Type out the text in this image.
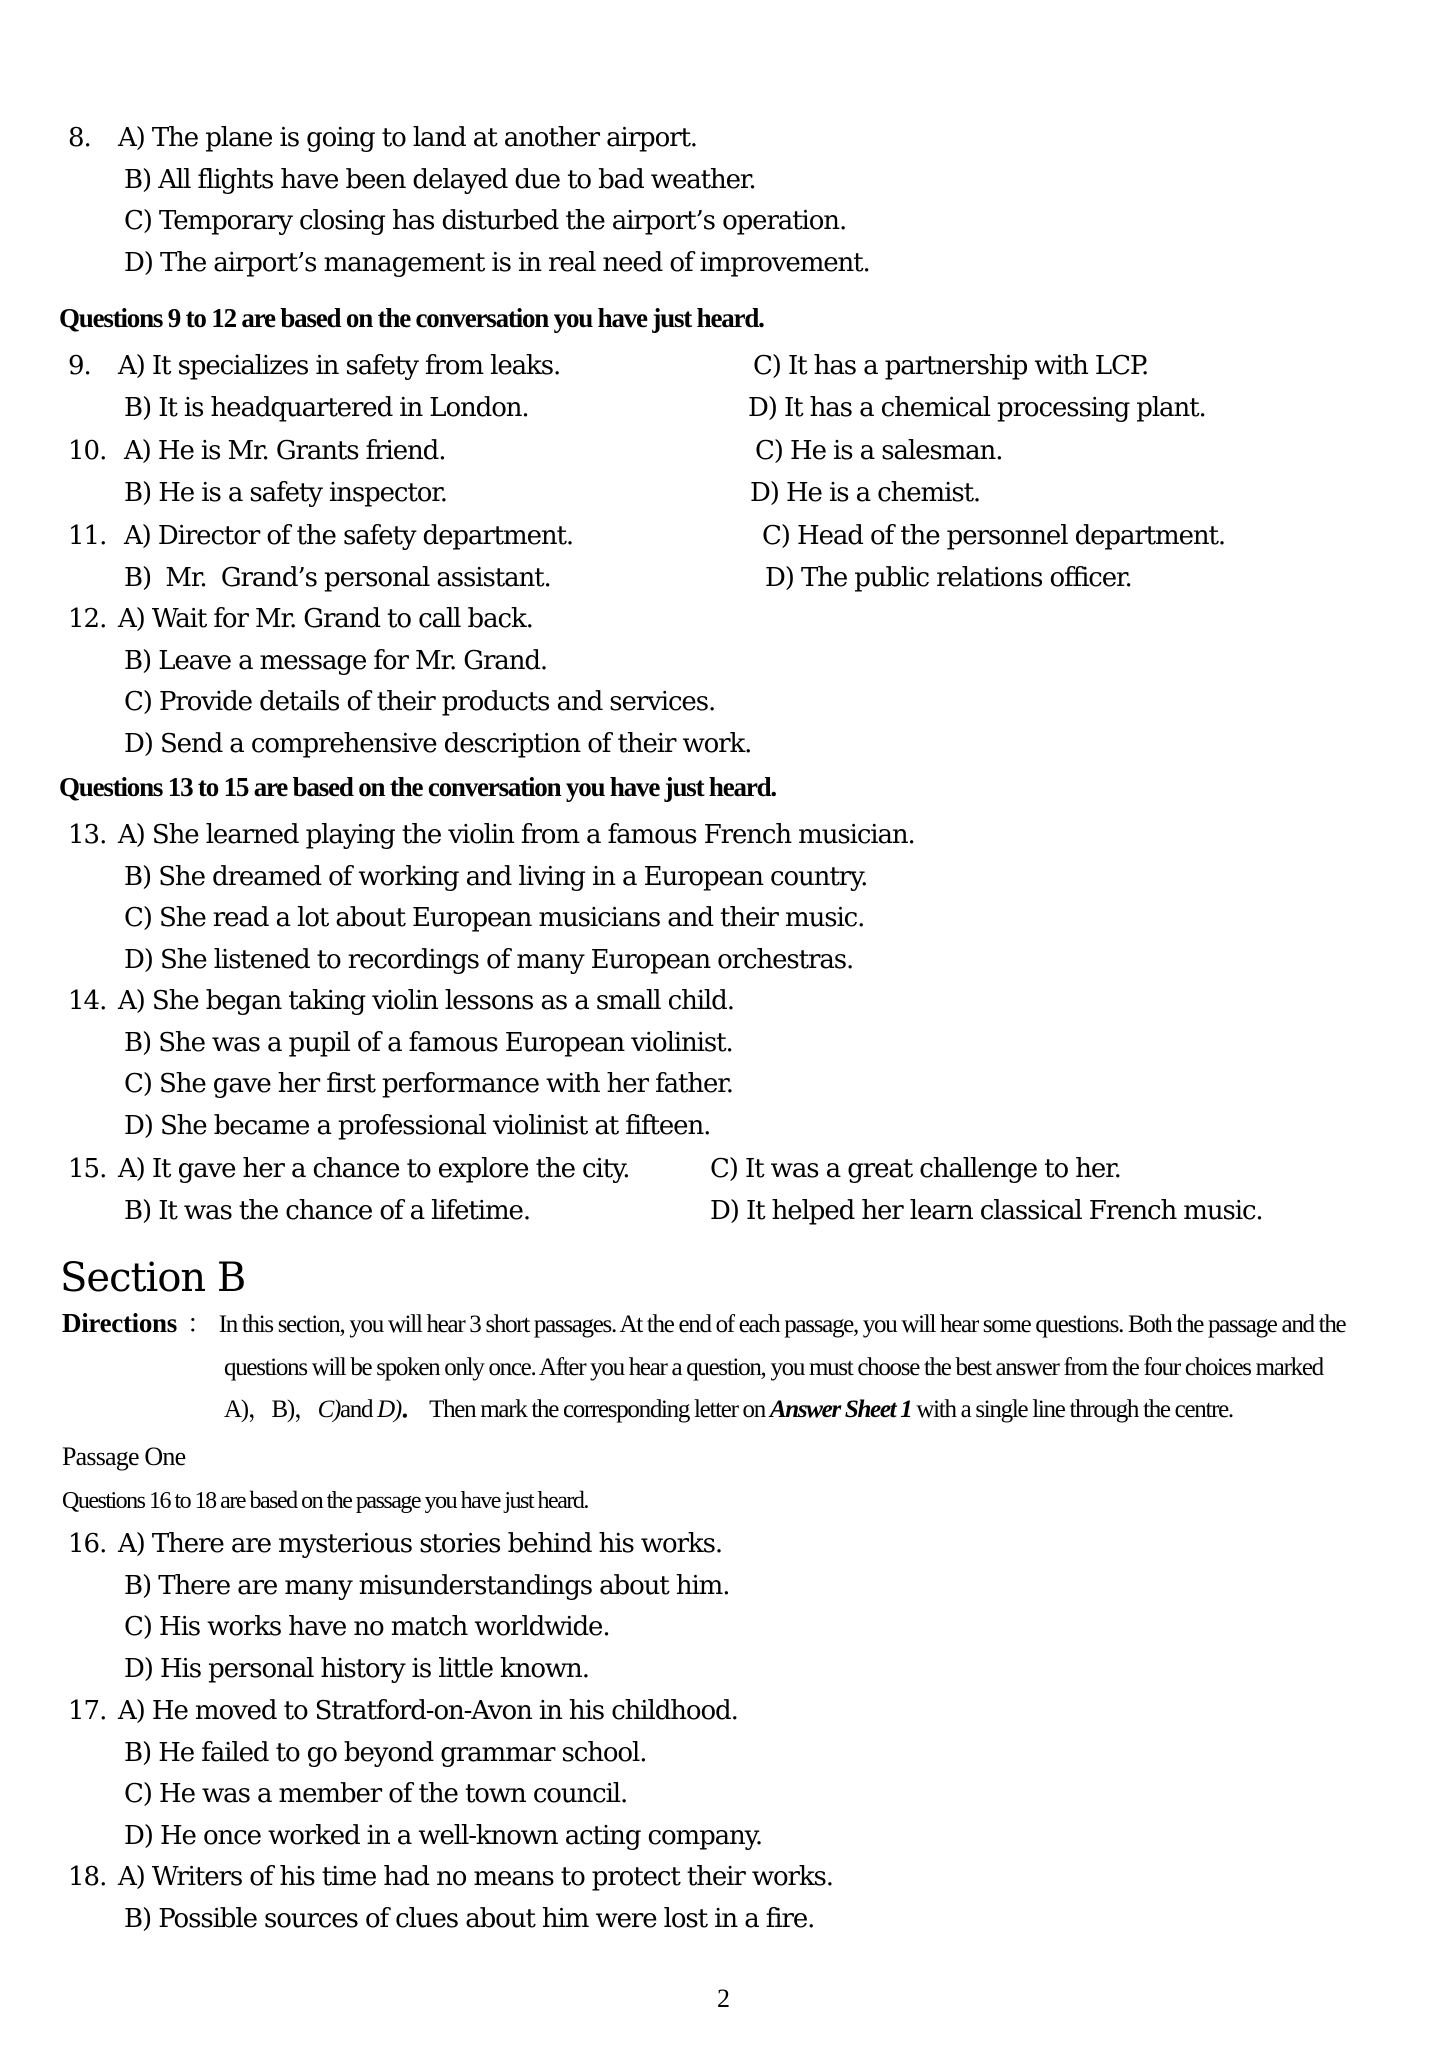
8. A) The plane is going to land at another airport.
B) All flights have been delayed due to bad weather.
C) Temporary closing has disturbed the airport’s operation.
D) The airport’s management is in real need of improvement.
Questions 9 to 12 are based on the conversation you have just heard.
9. A) It specializes in safety from leaks.	C) It has a partnership with LCP.
B) It is headquartered in London.	D) It has a chemical processing plant.
10. A) He is Mr. Grants friend.	C) He is a salesman.
B) He is a safety inspector.	D) He is a chemist.
11. A) Director of the safety department.	C) Head of the personnel department.
B)  Mr.  Grand’s personal assistant.	D) The public relations officer.
12. A) Wait for Mr. Grand to call back.
B) Leave a message for Mr. Grand.
C) Provide details of their products and services.
D) Send a comprehensive description of their work.
Questions 13 to 15 are based on the conversation you have just heard.
13. A) She learned playing the violin from a famous French musician.
B) She dreamed of working and living in a European country.
C) She read a lot about European musicians and their music.
D) She listened to recordings of many European orchestras.
14. A) She began taking violin lessons as a small child.
B) She was a pupil of a famous European violinist.
C) She gave her first performance with her father.
D) She became a professional violinist at fifteen.
15. A) It gave her a chance to explore the city.	C) It was a great challenge to her.
B) It was the chance of a lifetime.	D) It helped her learn classical French music.
Section B
Directions ： In this section, you will hear 3 short passages. At the end of each passage, you will hear some questions. Both the passage and the
questions will be spoken only once. After you hear a question, you must choose the best answer from the four choices marked
A)，B)，C)and D)． Then mark the corresponding letter on Answer Sheet 1 with a single line through the centre.
Passage One
Questions 16 to 18 are based on the passage you have just heard.
16. A) There are mysterious stories behind his works.
B) There are many misunderstandings about him.
C) His works have no match worldwide.
D) His personal history is little known.
17. A) He moved to Stratford-on-Avon in his childhood.
B) He failed to go beyond grammar school.
C) He was a member of the town council.
D) He once worked in a well-known acting company.
18. A) Writers of his time had no means to protect their works.
B) Possible sources of clues about him were lost in a fire.
2
